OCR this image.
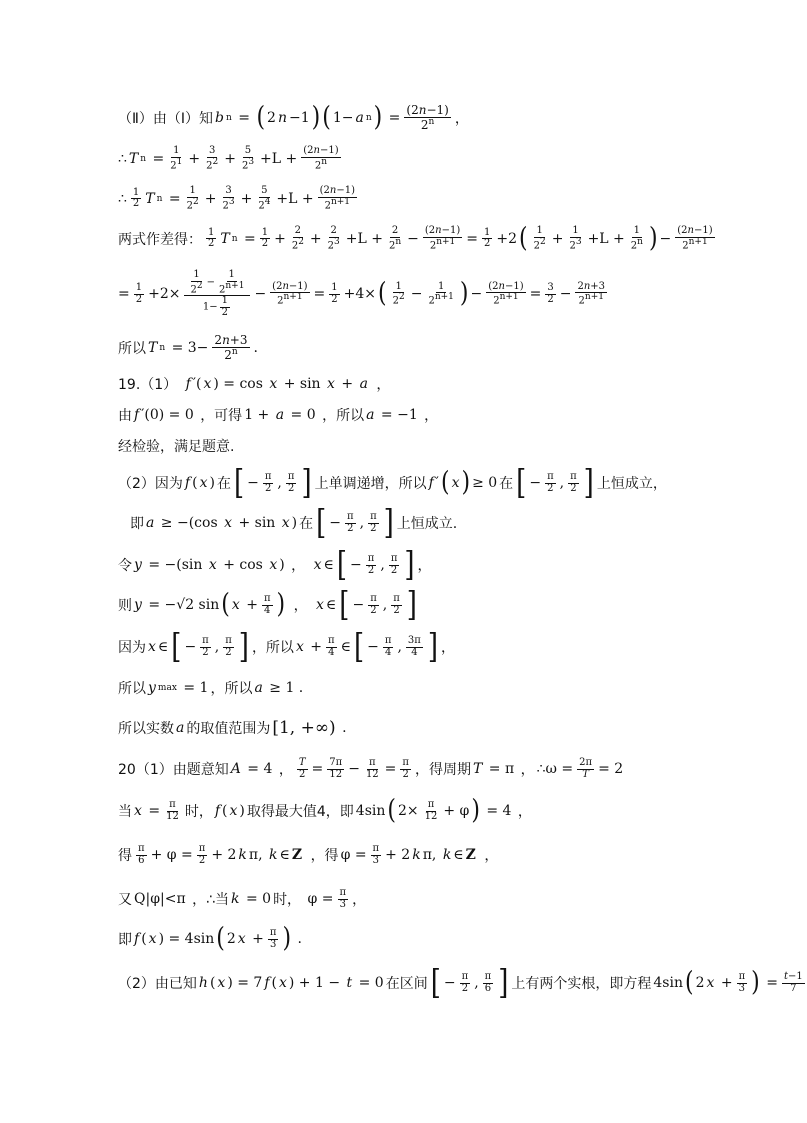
（Ⅱ）由（Ⅰ）知 b n = ( 2 n −1 ) ( 1− a n ) = $\frac{(2n-1)}{2^n}$ ，
∴ T $n = \frac{1}{2^1} + \frac{3}{2^2} + \frac{5}{2^3} +L + \frac{(2n-1)}{2^n}$
∴ $\frac{1}{2}$ T $n = \frac{1}{2^2} + \frac{3}{2^3} + \frac{5}{2^4} +L + \frac{(2n-1)}{2^{n+1}}$
两式作差得： $\frac{1}{2}$ T $n = \frac{1}{2} + \frac{2}{2^2} + \frac{2}{2^3} +L + \frac{2}{2^n} - \frac{(2n-1)}{2^{n+1}} = \frac{1}{2} +2$ ( $\frac{1}{2^2} + \frac{1}{2^3} +L + \frac{1}{2^n}$ ) − $\frac{(2n-1)}{2^{n+1}}$
= $\frac{1}{2} +2\times \frac{\frac{1}{2^2} - \frac{1}{2^{n+1}}}{1- \frac{1}{2}} - \frac{(2n-1)}{2^{n+1}} = \frac{1}{2} +4\times$ ( $\frac{1}{2^2} - \frac{1}{2^{n+1}}$ ) − $\frac{(2n-1)}{2^{n+1}} = \frac{3}{2} - \frac{2n+3}{2^{n+1}}$
所以 T $n = 3- \frac{2n+3}{2^n}$ .
19.（1）
f ′( x ) = cos x + sin x + a
，
由 f ′(0) = 0 ，可得 1 + a = 0 ，所以 a = −1 ，
经检验，满足题意.
（2）因为 f ( x ) 在 [ − $\frac{\pi}{2}$ , $\frac{\pi}{2}$ ] 上单调递增，所以 f ′ ( x ) ≥ 0 在 [ − $\frac{\pi}{2}$ , $\frac{\pi}{2}$ ] 上恒成立，
即 a ≥ −(cos x + sin x ) 在 [ − $\frac{\pi}{2}$ , $\frac{\pi}{2}$ ] 上恒成立.
令 y = −(sin x + cos x ) ，
x ∈ [ − $\frac{\pi}{2}$ , $\frac{\pi}{2}$ ] ，
则 y = −√2 sin ( $x + \frac{\pi}{4}$ )
，
x ∈ [ − $\frac{\pi}{2}$ , $\frac{\pi}{2}$ ]
因为 x ∈ [ − $\frac{\pi}{2}$ , $\frac{\pi}{2}$ ] ，所以 $x + \frac{\pi}{4}$ ∈ [ − $\frac{\pi}{4}$ , $\frac{3\pi}{4}$ ] ，
所以 y max = 1 ，所以 a ≥ 1 .
所以实数 a 的取值范围为 [1, +∞) .
20（1）由题意知 A = 4 ， $\frac{T}{2} = \frac{7\pi}{12} - \frac{\pi}{12} = \frac{\pi}{2}$ ，得周期 T = π ， ∴ω = $\frac{2\pi}{T} = 2$
当 $x = \frac{\pi}{12}$ 时， f ( x ) 取得最大值4，即 4sin ( $2\times \frac{\pi}{12} + \varphi$ ) = 4 ，
得 $\frac{\pi}{6} + \varphi = \frac{\pi}{2} + 2$ k π, k ∈ Z
，得 $\varphi = \frac{\pi}{3} + 2$ k π, k ∈ Z
，
又 Q|φ|<π ，∴当 k = 0 时， $\varphi = \frac{\pi}{3}$ ，
即 f ( x ) = 4sin ( 2 $x + \frac{\pi}{3}$ ) .
（2）由已知 h ( x ) = 7 f ( x ) + 1 − t = 0 在区间 [ − $\frac{\pi}{2}$ , $\frac{\pi}{6}$ ] 上有两个实根，即方程 4sin ( 2 $x + \frac{\pi}{3}$ ) = $\frac{t-1}{7}$
